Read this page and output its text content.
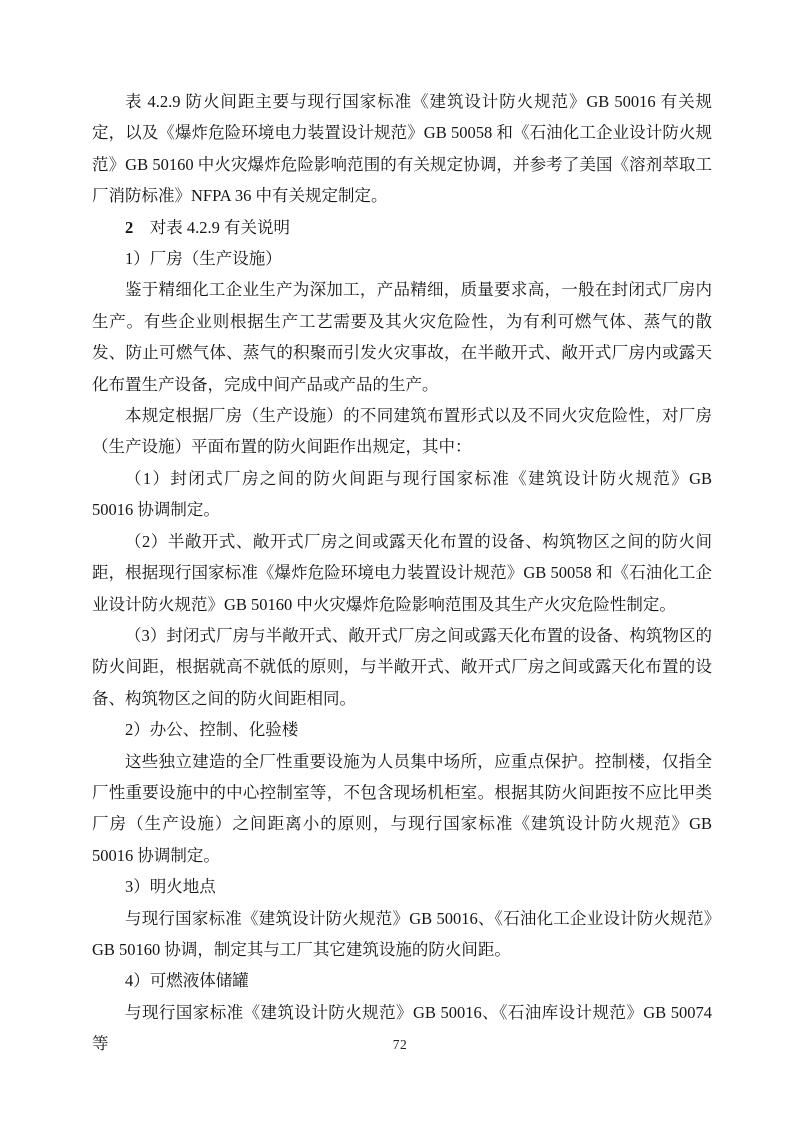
表 4.2.9 防火间距主要与现行国家标准《建筑设计防火规范》GB 50016 有关规定，以及《爆炸危险环境电力装置设计规范》GB 50058 和《石油化工企业设计防火规范》GB 50160 中火灾爆炸危险影响范围的有关规定协调，并参考了美国《溶剂萃取工厂消防标准》NFPA 36 中有关规定制定。

2　对表 4.2.9 有关说明

1）厂房（生产设施）

鉴于精细化工企业生产为深加工，产品精细，质量要求高，一般在封闭式厂房内生产。有些企业则根据生产工艺需要及其火灾危险性，为有利可燃气体、蒸气的散发、防止可燃气体、蒸气的积聚而引发火灾事故，在半敞开式、敞开式厂房内或露天化布置生产设备，完成中间产品或产品的生产。

本规定根据厂房（生产设施）的不同建筑布置形式以及不同火灾危险性，对厂房（生产设施）平面布置的防火间距作出规定，其中：

（1）封闭式厂房之间的防火间距与现行国家标准《建筑设计防火规范》GB 50016 协调制定。

（2）半敞开式、敞开式厂房之间或露天化布置的设备、构筑物区之间的防火间距，根据现行国家标准《爆炸危险环境电力装置设计规范》GB 50058 和《石油化工企业设计防火规范》GB 50160 中火灾爆炸危险影响范围及其生产火灾危险性制定。

（3）封闭式厂房与半敞开式、敞开式厂房之间或露天化布置的设备、构筑物区的防火间距，根据就高不就低的原则，与半敞开式、敞开式厂房之间或露天化布置的设备、构筑物区之间的防火间距相同。

2）办公、控制、化验楼

这些独立建造的全厂性重要设施为人员集中场所，应重点保护。控制楼，仅指全厂性重要设施中的中心控制室等，不包含现场机柜室。根据其防火间距按不应比甲类厂房（生产设施）之间距离小的原则，与现行国家标准《建筑设计防火规范》GB 50016 协调制定。

3）明火地点

与现行国家标准《建筑设计防火规范》GB 50016、《石油化工企业设计防火规范》GB 50160 协调，制定其与工厂其它建筑设施的防火间距。

4）可燃液体储罐

与现行国家标准《建筑设计防火规范》GB 50016、《石油库设计规范》GB 50074 等	72
